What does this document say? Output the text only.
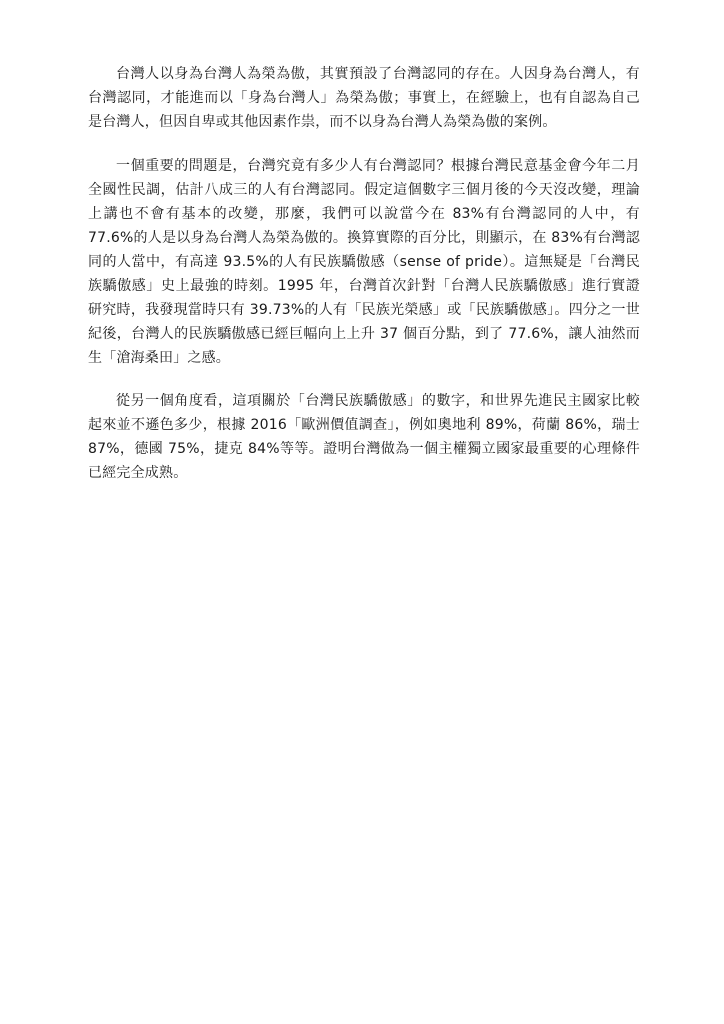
台灣人以身為台灣人為榮為傲，其實預設了台灣認同的存在。人因身為台灣人，有台灣認同，才能進而以「身為台灣人」為榮為傲；事實上，在經驗上，也有自認為自己是台灣人，但因自卑或其他因素作祟，而不以身為台灣人為榮為傲的案例。

一個重要的問題是，台灣究竟有多少人有台灣認同？根據台灣民意基金會今年二月全國性民調，估計八成三的人有台灣認同。假定這個數字三個月後的今天沒改變，理論上講也不會有基本的改變，那麼，我們可以說當今在 83%有台灣認同的人中，有 77.6%的人是以身為台灣人為榮為傲的。換算實際的百分比，則顯示，在 83%有台灣認同的人當中，有高達 93.5%的人有民族驕傲感（sense of pride）。這無疑是「台灣民族驕傲感」史上最強的時刻。1995 年，台灣首次針對「台灣人民族驕傲感」進行實證研究時，我發現當時只有 39.73%的人有「民族光榮感」或「民族驕傲感」。四分之一世紀後，台灣人的民族驕傲感已經巨幅向上上升 37 個百分點，到了 77.6%，讓人油然而生「滄海桑田」之感。

從另一個角度看，這項關於「台灣民族驕傲感」的數字，和世界先進民主國家比較起來並不遜色多少，根據 2016「歐洲價值調查」，例如奧地利 89%，荷蘭 86%，瑞士 87%，德國 75%，捷克 84%等等。證明台灣做為一個主權獨立國家最重要的心理條件已經完全成熟。
